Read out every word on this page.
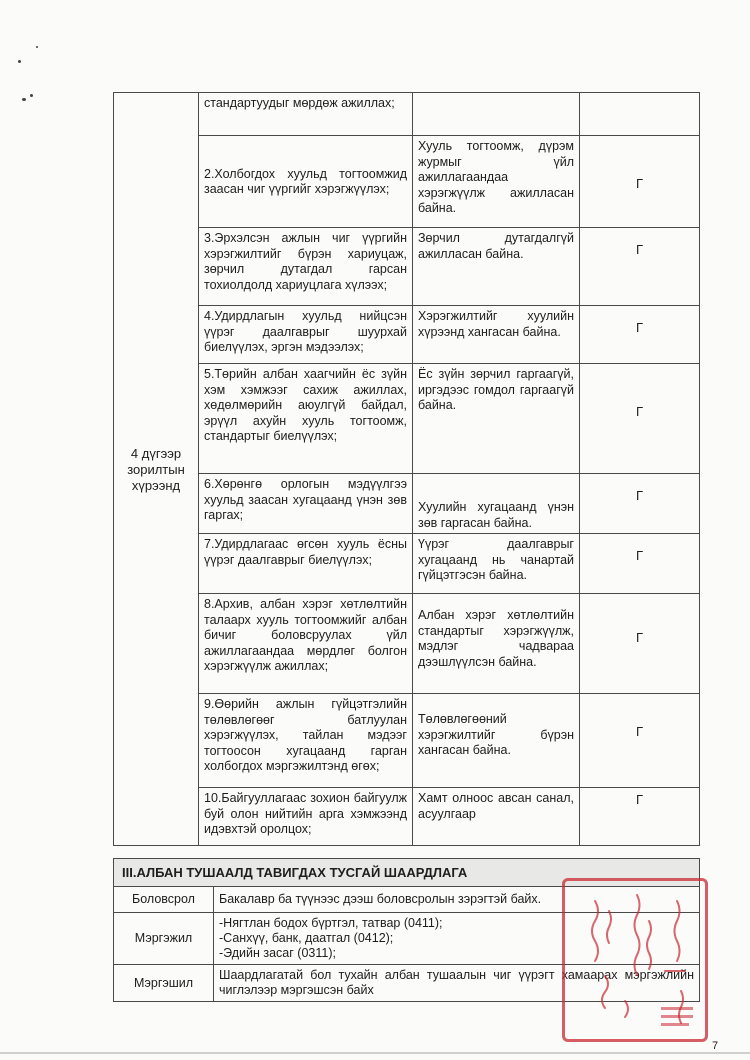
4 дүгээр зорилтын хүрээнд	стандартуудыг мөрдөж ажиллах;		
	2.Холбогдох хуульд тогтоомжид заасан чиг үүргийг хэрэгжүүлэх;	Хууль тогтоомж, дүрэм журмыг үйл ажиллагаандаа хэрэгжүүлж ажилласан байна.	Г
	3.Эрхэлсэн ажлын чиг үүргийн хэрэгжилтийг бүрэн хариуцаж, зөрчил дутагдал гарсан тохиолдолд хариуцлага хүлээх;	Зөрчил дутагдалгүй ажилласан байна.	Г
	4.Удирдлагын хуульд нийцсэн үүрэг даалгаврыг шуурхай биелүүлэх, эргэн мэдээлэх;	Хэрэгжилтийг хуулийн хүрээнд хангасан байна.	Г
	5.Төрийн албан хаагчийн ёс зүйн хэм хэмжээг сахиж ажиллах, хөдөлмөрийн аюулгүй байдал, эрүүл ахуйн хууль тогтоомж, стандартыг биелүүлэх;	Ёс зүйн зөрчил гаргаагүй, иргэдээс гомдол гаргаагүй байна.	Г
	6.Хөрөнгө орлогын мэдүүлгээ хуульд заасан хугацаанд үнэн зөв гаргах;	Хуулийн хугацаанд үнэн зөв гаргасан байна.	Г
	7.Удирдлагаас өгсөн хууль ёсны үүрэг даалгаврыг биелүүлэх;	Үүрэг даалгаврыг хугацаанд нь чанартай гүйцэтгэсэн байна.	Г
	8.Архив, албан хэрэг хөтлөлтийн талаарх хууль тогтоомжийг албан бичиг боловсруулах үйл ажиллагаандаа мөрдлөг болгон хэрэгжүүлж ажиллах;	Албан хэрэг хөтлөлтийн стандартыг хэрэгжүүлж, мэдлэг чадвараа дээшлүүлсэн байна.	Г
	9.Өөрийн ажлын гүйцэтгэлийн төлөвлөгөөг батлуулан хэрэгжүүлэх, тайлан мэдээг тогтоосон хугацаанд гарган холбогдох мэргэжилтэнд өгөх;	Төлөвлөгөөний хэрэгжилтийг бүрэн хангасан байна.	Г
	10.Байгууллагаас зохион байгуулж буй олон нийтийн арга хэмжээнд идэвхтэй оролцох;	Хамт олноос авсан санал, асуулгаар	Г
III.АЛБАН ТУШААЛД ТАВИГДАХ ТУСГАЙ ШААРДЛАГА	
Боловсрол	Бакалавр ба түүнээс дээш боловсролын зэрэгтэй байх.
Мэргэжил	-Нягтлан бодох бүртгэл, татвар (0411);
-Санхүү, банк, даатгал (0412);
-Эдийн засаг (0311);
Мэргэшил	Шаардлагатай бол тухайн албан тушаалын чиг үүрэгт хамаарах мэргэжлийн чиглэлээр мэргэшсэн байх
7
